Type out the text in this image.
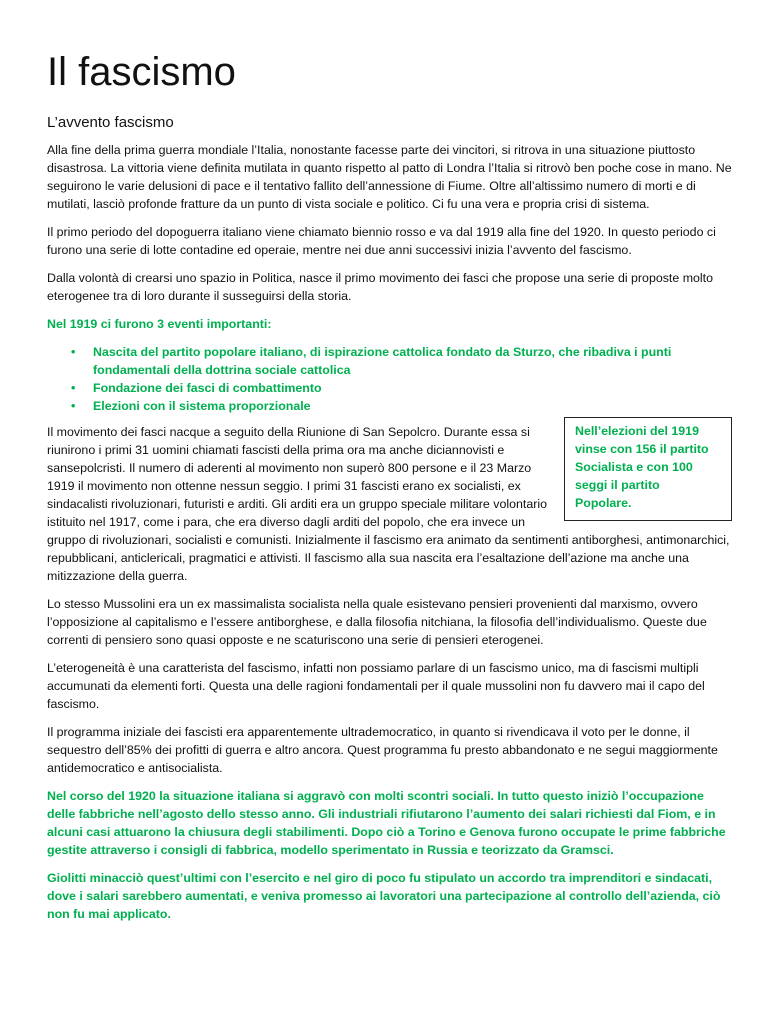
Il fascismo
L’avvento fascismo

Alla fine della prima guerra mondiale l’Italia, nonostante facesse parte dei vincitori, si ritrova in una situazione piuttosto disastrosa. La vittoria viene definita mutilata in quanto rispetto al patto di Londra l’Italia si ritrovò ben poche cose in mano. Ne seguirono le varie delusioni di pace e il tentativo fallito dell’annessione di Fiume. Oltre all’altissimo numero di morti e di mutilati, lasciò profonde fratture da un punto di vista sociale e politico. Ci fu una vera e propria crisi di sistema.

Il primo periodo del dopoguerra italiano viene chiamato biennio rosso e va dal 1919 alla fine del 1920. In questo periodo ci furono una serie di lotte contadine ed operaie, mentre nei due anni successivi inizia l’avvento del fascismo.

Dalla volontà di crearsi uno spazio in Politica, nasce il primo movimento dei fasci che propose una serie di proposte molto eterogenee tra di loro durante il susseguirsi della storia.

Nel 1919 ci furono 3 eventi importanti:

• Nascita del partito popolare italiano, di ispirazione cattolica fondato da Sturzo, che ribadiva i punti fondamentali della dottrina sociale cattolica
• Fondazione dei fasci di combattimento
• Elezioni con il sistema proporzionale
Nell’elezioni del 1919 vinse con 156 il partito Socialista e con 100 seggi il partito Popolare.

Il movimento dei fasci nacque a seguito della Riunione di San Sepolcro. Durante essa si riunirono i primi 31 uomini chiamati fascisti della prima ora ma anche diciannovisti e sansepolcristi. Il numero di aderenti al movimento non superò 800 persone e il 23 Marzo 1919 il movimento non ottenne nessun seggio. I primi 31 fascisti erano ex socialisti, ex sindacalisti rivoluzionari, futuristi e arditi. Gli arditi era un gruppo speciale militare volontario istituito nel 1917, come i para, che era diverso dagli arditi del popolo, che era invece un gruppo di rivoluzionari, socialisti e comunisti. Inizialmente il fascismo era animato da sentimenti antiborghesi, antimonarchici, repubblicani, anticlericali, pragmatici e attivisti. Il fascismo alla sua nascita era l’esaltazione dell’azione ma anche una mitizzazione della guerra.

Lo stesso Mussolini era un ex massimalista socialista nella quale esistevano pensieri provenienti dal marxismo, ovvero l’opposizione al capitalismo e l’essere antiborghese, e dalla filosofia nitchiana, la filosofia dell’individualismo. Queste due correnti di pensiero sono quasi opposte e ne scaturiscono una serie di pensieri eterogenei.

L’eterogeneità è una caratterista del fascismo, infatti non possiamo parlare di un fascismo unico, ma di fascismi multipli accumunati da elementi forti. Questa una delle ragioni fondamentali per il quale mussolini non fu davvero mai il capo del fascismo.

Il programma iniziale dei fascisti era apparentemente ultrademocratico, in quanto si rivendicava il voto per le donne, il sequestro dell’85% dei profitti di guerra e altro ancora. Quest programma fu presto abbandonato e ne segui maggiormente antidemocratico e antisocialista.

Nel corso del 1920 la situazione italiana si aggravò con molti scontri sociali. In tutto questo iniziò l’occupazione delle fabbriche nell’agosto dello stesso anno. Gli industriali rifiutarono l’aumento dei salari richiesti dal Fiom, e in alcuni casi attuarono la chiusura degli stabilimenti. Dopo ciò a Torino e Genova furono occupate le prime fabbriche gestite attraverso i consigli di fabbrica, modello sperimentato in Russia e teorizzato da Gramsci.

Giolitti minacciò quest’ultimi con l’esercito e nel giro di poco fu stipulato un accordo tra imprenditori e sindacati, dove i salari sarebbero aumentati, e veniva promesso ai lavoratori una partecipazione al controllo dell’azienda, ciò non fu mai applicato.
